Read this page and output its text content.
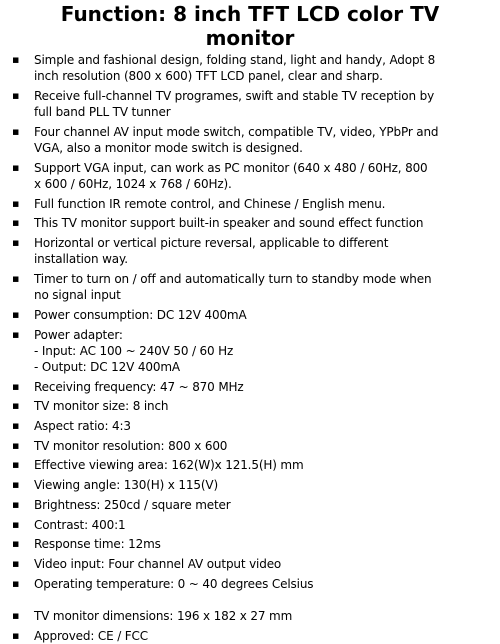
Function: 8 inch TFT LCD color TV
monitor
▪ Simple and fashional design, folding stand, light and handy, Adopt 8
inch resolution (800 x 600) TFT LCD panel, clear and sharp.
▪ Receive full-channel TV programes, swift and stable TV reception by
full band PLL TV tunner
▪ Four channel AV input mode switch, compatible TV, video, YPbPr and
VGA, also a monitor mode switch is designed.
▪ Support VGA input, can work as PC monitor (640 x 480 / 60Hz, 800
x 600 / 60Hz, 1024 x 768 / 60Hz).
▪ Full function IR remote control, and Chinese / English menu.
▪ This TV monitor support built-in speaker and sound effect function
▪ Horizontal or vertical picture reversal, applicable to different
installation way.
▪ Timer to turn on / off and automatically turn to standby mode when
no signal input
▪ Power consumption: DC 12V 400mA
▪ Power adapter:
- Input: AC 100 ~ 240V 50 / 60 Hz
- Output: DC 12V 400mA
▪ Receiving frequency: 47 ~ 870 MHz
▪ TV monitor size: 8 inch
▪ Aspect ratio: 4:3
▪ TV monitor resolution: 800 x 600
▪ Effective viewing area: 162(W)x 121.5(H) mm
▪ Viewing angle: 130(H) x 115(V)
▪ Brightness: 250cd / square meter
▪ Contrast: 400:1
▪ Response time: 12ms
▪ Video input: Four channel AV output video
▪ Operating temperature: 0 ~ 40 degrees Celsius
▪ TV monitor dimensions: 196 x 182 x 27 mm
▪ Approved: CE / FCC
